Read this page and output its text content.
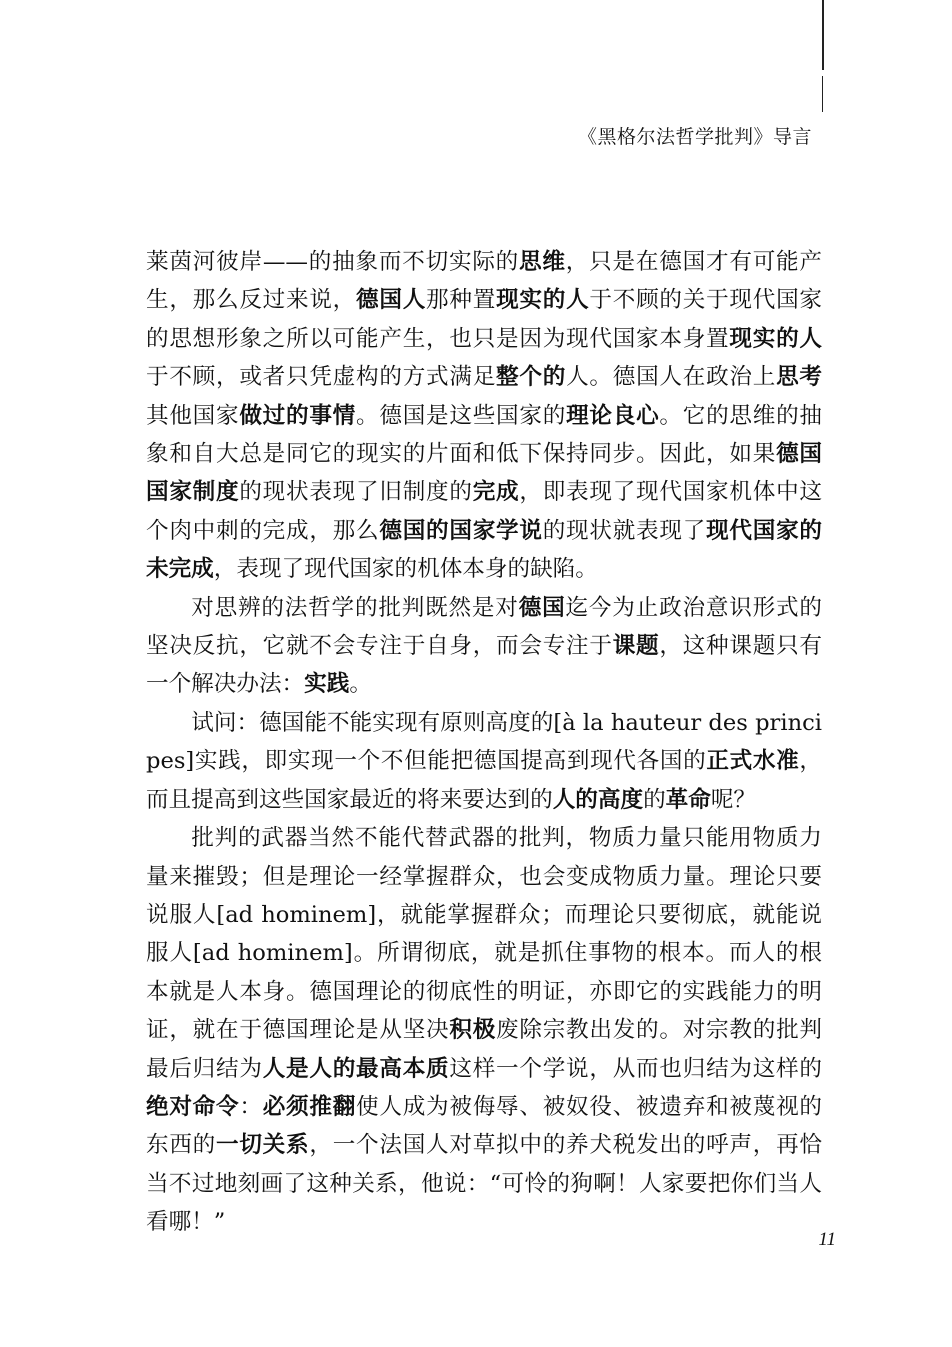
《黑格尔法哲学批判》导言

莱茵河彼岸——的抽象而不切实际的思维，只是在德国才有可能产生，那么反过来说，德国人那种置现实的人于不顾的关于现代国家的思想形象之所以可能产生，也只是因为现代国家本身置现实的人于不顾，或者只凭虚构的方式满足整个的人。德国人在政治上思考其他国家做过的事情。德国是这些国家的理论良心。它的思维的抽象和自大总是同它的现实的片面和低下保持同步。因此，如果德国国家制度的现状表现了旧制度的完成，即表现了现代国家机体中这个肉中刺的完成，那么德国的国家学说的现状就表现了现代国家的未完成，表现了现代国家的机体本身的缺陷。

对思辨的法哲学的批判既然是对德国迄今为止政治意识形式的坚决反抗，它就不会专注于自身，而会专注于课题，这种课题只有一个解决办法：实践。

试问：德国能不能实现有原则高度的[à la hauteur des principes]实践，即实现一个不但能把德国提高到现代各国的正式水准，而且提高到这些国家最近的将来要达到的人的高度的革命呢？

批判的武器当然不能代替武器的批判，物质力量只能用物质力量来摧毁；但是理论一经掌握群众，也会变成物质力量。理论只要说服人[ad hominem]，就能掌握群众；而理论只要彻底，就能说服人[ad hominem]。所谓彻底，就是抓住事物的根本。而人的根本就是人本身。德国理论的彻底性的明证，亦即它的实践能力的明证，就在于德国理论是从坚决积极废除宗教出发的。对宗教的批判最后归结为人是人的最高本质这样一个学说，从而也归结为这样的绝对命令：必须推翻使人成为被侮辱、被奴役、被遗弃和被蔑视的东西的一切关系，一个法国人对草拟中的养犬税发出的呼声，再恰当不过地刻画了这种关系，他说：“可怜的狗啊！人家要把你们当人看哪！”

11
